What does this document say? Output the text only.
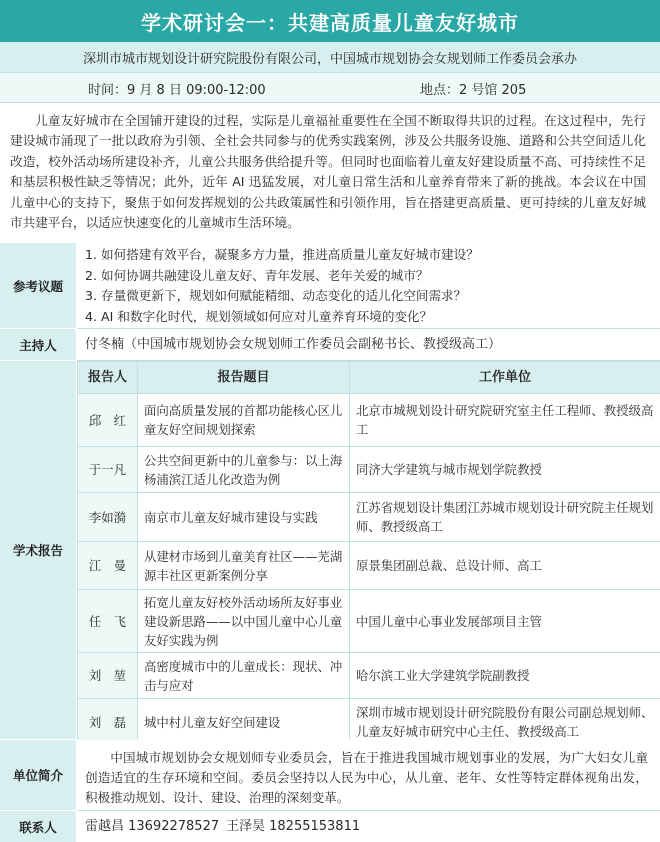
学术研讨会一：共建高质量儿童友好城市
深圳市城市规划设计研究院股份有限公司，中国城市规划协会女规划师工作委员会承办
时间：9 月 8 日 09:00-12:00	地点：2 号馆 205

儿童友好城市在全国铺开建设的过程，实际是儿童福祉重要性在全国不断取得共识的过程。在这过程中，先行建设城市涌现了一批以政府为引领、全社会共同参与的优秀实践案例，涉及公共服务设施、道路和公共空间适儿化改造，校外活动场所建设补齐，儿童公共服务供给提升等。但同时也面临着儿童友好建设质量不高、可持续性不足和基层积极性缺乏等情况；此外，近年 AI 迅猛发展，对儿童日常生活和儿童养育带来了新的挑战。本会议在中国儿童中心的支持下，聚焦于如何发挥规划的公共政策属性和引领作用，旨在搭建更高质量、更可持续的儿童友好城市共建平台，以适应快速变化的儿童城市生活环境。

参考议题
1. 如何搭建有效平台，凝聚多方力量，推进高质量儿童友好城市建设？
2. 如何协调共融建设儿童友好、青年发展、老年关爱的城市？
3. 存量微更新下，规划如何赋能精细、动态变化的适儿化空间需求？
4. AI 和数字化时代，规划领域如何应对儿童养育环境的变化？
主持人	付冬楠（中国城市规划协会女规划师工作委员会副秘书长、教授级高工）
学术报告
报告人	报告题目	工作单位
邱　红	面向高质量发展的首都功能核心区儿童友好空间规划探索	北京市城规划设计研究院研究室主任工程师、教授级高工
于一凡	公共空间更新中的儿童参与：以上海杨浦滨江适儿化改造为例	同济大学建筑与城市规划学院教授
李如漪	南京市儿童友好城市建设与实践	江苏省规划设计集团江苏城市规划设计研究院主任规划师、教授级高工
江　曼	从建材市场到儿童美育社区——芜湖源丰社区更新案例分享	原景集团副总裁、总设计师、高工
任　飞	拓宽儿童友好校外活动场所友好事业建设新思路——以中国儿童中心儿童友好实践为例	中国儿童中心事业发展部项目主管
刘　堃	高密度城市中的儿童成长：现状、冲击与应对	哈尔滨工业大学建筑学院副教授
刘　磊	城中村儿童友好空间建设	深圳市城市规划设计研究院股份有限公司副总规划师、儿童友好城市研究中心主任、教授级高工
单位简介

中国城市规划协会女规划师专业委员会，旨在于推进我国城市规划事业的发展，为广大妇女儿童创造适宜的生存环境和空间。委员会坚持以人民为中心，从儿童、老年、女性等特定群体视角出发，积极推动规划、设计、建设、治理的深刻变革。

联系人	雷越昌 13692278527 王泽昊 18255153811
